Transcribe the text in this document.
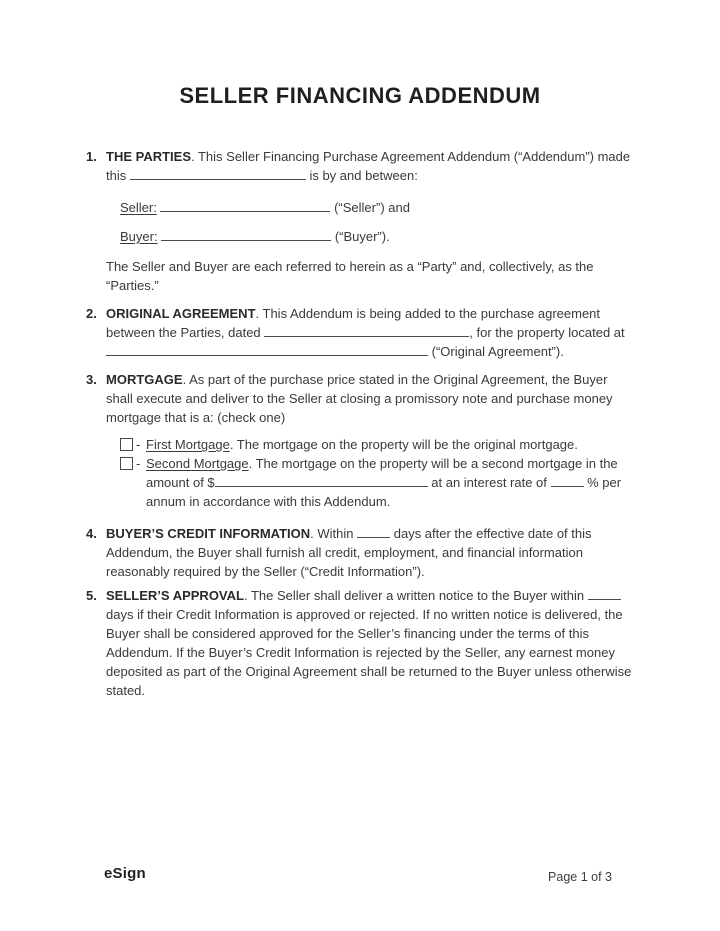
SELLER FINANCING ADDENDUM
1. THE PARTIES. This Seller Financing Purchase Agreement Addendum (“Addendum”) made this	is by and between:
Seller:	(“Seller”) and
Buyer:	(“Buyer”).
The Seller and Buyer are each referred to herein as a “Party” and, collectively, as the “Parties.”
2. ORIGINAL AGREEMENT. This Addendum is being added to the purchase agreement between the Parties, dated	, for the property located at  (“Original Agreement”).
3. MORTGAGE. As part of the purchase price stated in the Original Agreement, the Buyer shall execute and deliver to the Seller at closing a promissory note and purchase money mortgage that is a: (check one)
- First Mortgage. The mortgage on the property will be the original mortgage.
- Second Mortgage. The mortgage on the property will be a second mortgage in the amount of $	at an interest rate of	% per annum in accordance with this Addendum.
4. BUYER’S CREDIT INFORMATION. Within	days after the effective date of this Addendum, the Buyer shall furnish all credit, employment, and financial information reasonably required by the Seller (“Credit Information”).
5. SELLER’S APPROVAL. The Seller shall deliver a written notice to the Buyer within  days if their Credit Information is approved or rejected. If no written notice is delivered, the Buyer shall be considered approved for the Seller’s financing under the terms of this Addendum. If the Buyer’s Credit Information is rejected by the Seller, any earnest money deposited as part of the Original Agreement shall be returned to the Buyer unless otherwise stated.
eSign	Page 1 of 3
